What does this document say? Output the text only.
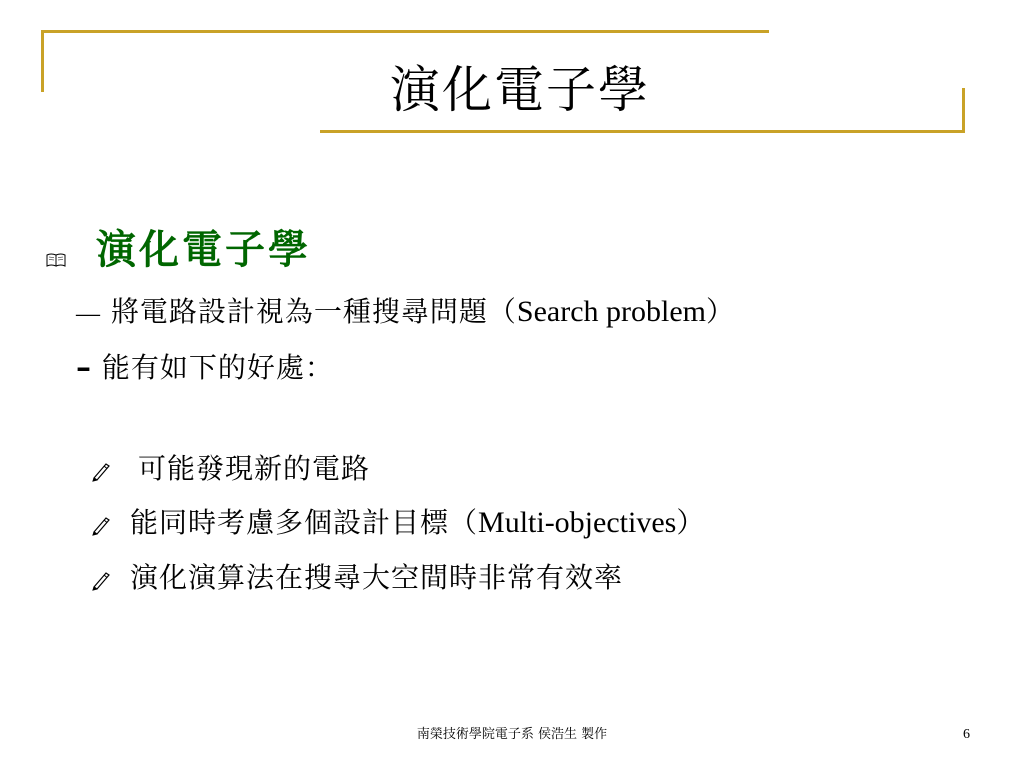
演化電子學
演化電子學
— 將電路設計視為一種搜尋問題（Search problem）
– 能有如下的好處：
可能發現新的電路
能同時考慮多個設計目標（Multi-objectives）
演化演算法在搜尋大空間時非常有效率
南榮技術學院電子系 侯浩生 製作	6
